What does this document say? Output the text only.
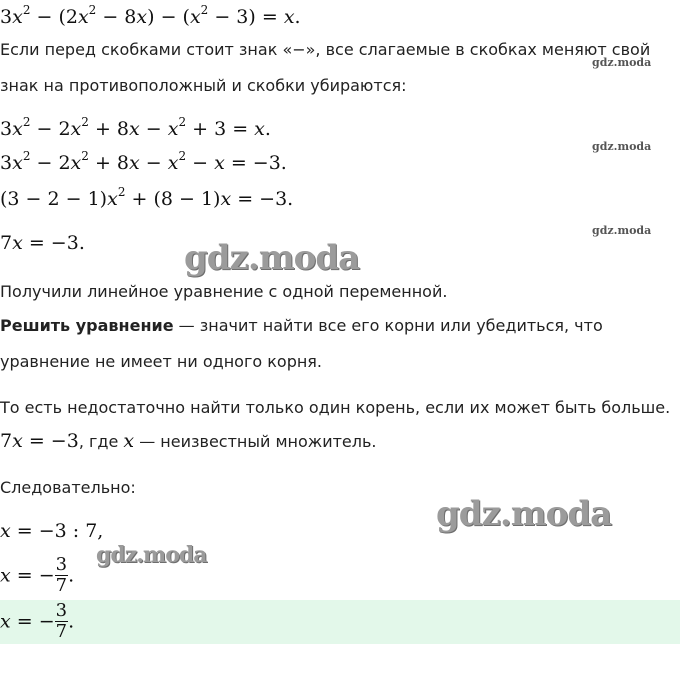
$3x^2 - (2x^2 - 8x) - (x^2 - 3) = x$.
Если перед скобками стоит знак «−», все слагаемые в скобках меняют свой
знак на противоположный и скобки убираются:
$3x^2 - 2x^2 + 8x - x^2 + 3 = x$.
$3x^2 - 2x^2 + 8x - x^2 - x = -3$.
$(3 - 2 - 1)x^2 + (8 - 1)x = -3$.
7x = −3.
Получили линейное уравнение с одной переменной.
Решить уравнение — значит найти все его корни или убедиться, что
уравнение не имеет ни одного корня.
То есть недостаточно найти только один корень, если их может быть больше.
7x = −3, где x — неизвестный множитель.
Следовательно:
x = −3 : 7,
x = − $\frac{3}{7}$ .
x = − $\frac{3}{7}$ .
gdz.moda
gdz.moda
gdz.moda
gdz.moda
gdz.moda
gdz.moda
